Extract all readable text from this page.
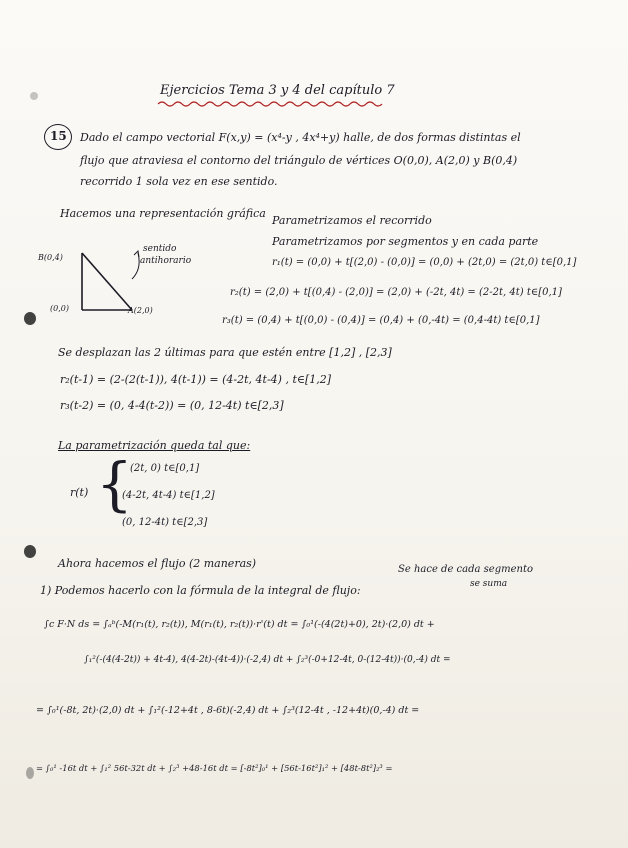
Ejercicios Tema 3 y 4 del capítulo 7
15 Dado el campo vectorial F(x,y) = (x⁴-y , 4x⁴+y) halle, de dos formas distintas el
flujo que atraviesa el contorno del triángulo de vértices O(0,0), A(2,0) y B(0,4)
recorrido 1 sola vez en ese sentido.
Hacemos una representación gráfica
B(0,4)
(0,0)	A(2,0)
sentido
antihorario
Parametrizamos el recorrido
Parametrizamos por segmentos y en cada parte
r₁(t) = (0,0) + t[(2,0) - (0,0)] = (0,0) + (2t,0) = (2t,0) t∈[0,1]
r₂(t) = (2,0) + t[(0,4) - (2,0)] = (2,0) + (-2t, 4t) = (2-2t, 4t) t∈[0,1]
r₃(t) = (0,4) + t[(0,0) - (0,4)] = (0,4) + (0,-4t) = (0,4-4t) t∈[0,1]
Se desplazan las 2 últimas para que estén entre [1,2] , [2,3]
r₂(t-1) = (2-(2(t-1)), 4(t-1)) = (4-2t, 4t-4) , t∈[1,2]
r₃(t-2) = (0, 4-4(t-2)) = (0, 12-4t) t∈[2,3]
La parametrización queda tal que:
r(t) {
(2t, 0) t∈[0,1]
(4-2t, 4t-4) t∈[1,2]
(0, 12-4t) t∈[2,3]
Ahora hacemos el flujo (2 maneras)
1) Podemos hacerlo con la fórmula de la integral de flujo:
Se hace de cada segmento
se suma
∫c F·N ds = ∫ₐᵇ(-M(r₁(t), r₂(t)), M(r₁(t), r₂(t))·r'(t) dt = ∫₀¹(-(4(2t)+0), 2t)·(2,0) dt +
∫₁²(-(4(4-2t)) + 4t-4), 4(4-2t)-(4t-4))·(-2,4) dt + ∫₂³(-0+12-4t, 0-(12-4t))·(0,-4) dt =
= ∫₀¹(-8t, 2t)·(2,0) dt + ∫₁²(-12+4t , 8-6t)(-2,4) dt + ∫₂³(12-4t , -12+4t)(0,-4) dt =
= ∫₀¹ -16t dt + ∫₁² 56t-32t dt + ∫₂³ +48-16t dt = [-8t²]₀¹ + [56t-16t²]₁² + [48t-8t²]₂³ =
